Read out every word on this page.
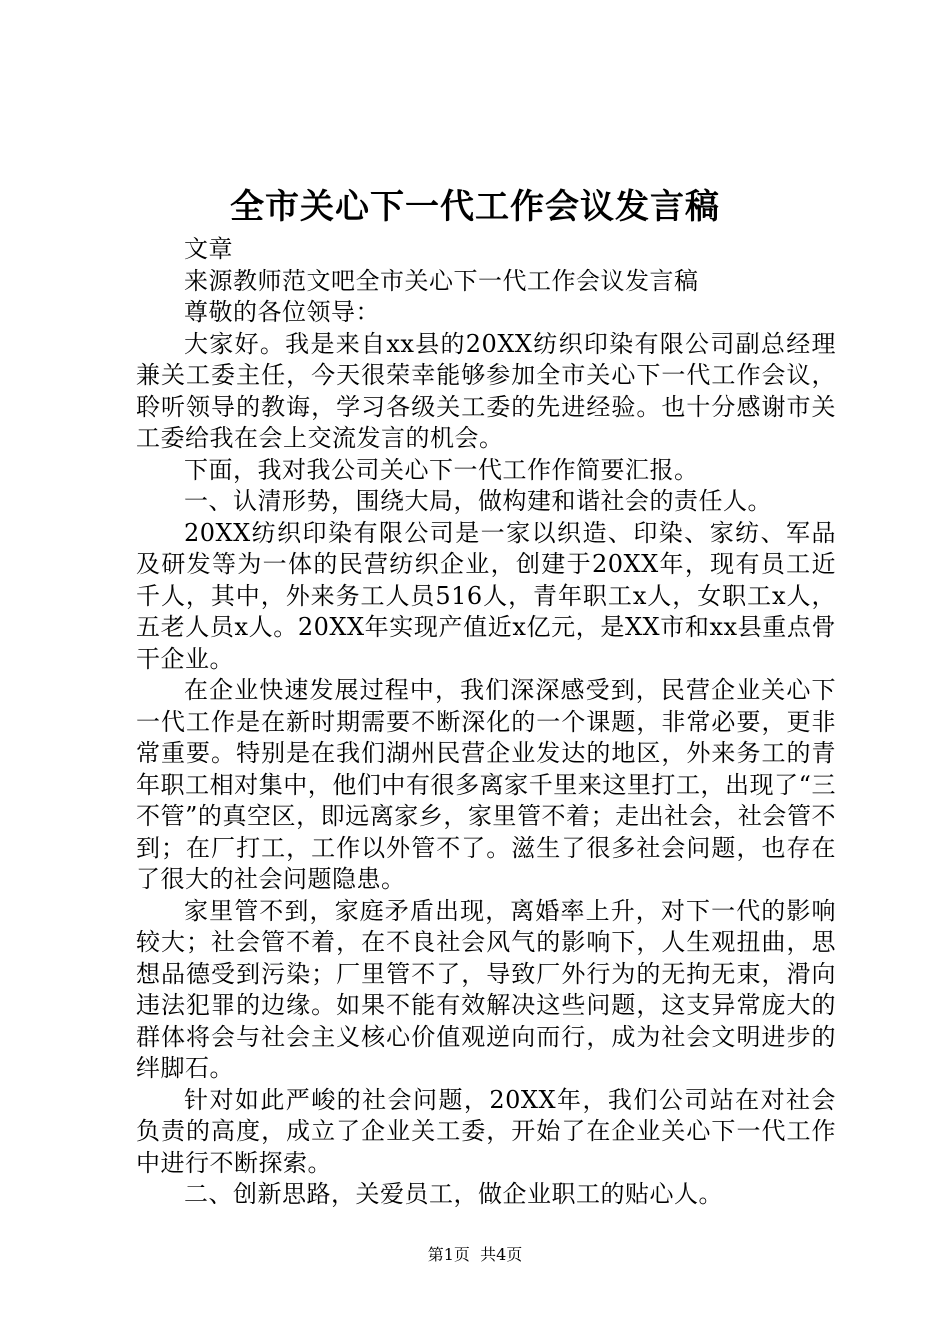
全市关心下一代工作会议发言稿

文章

来源教师范文吧全市关心下一代工作会议发言稿

尊敬的各位领导：

大家好。我是来自xx县的20XX纺织印染有限公司副总经理兼关工委主任，今天很荣幸能够参加全市关心下一代工作会议，聆听领导的教诲，学习各级关工委的先进经验。也十分感谢市关工委给我在会上交流发言的机会。

下面，我对我公司关心下一代工作作简要汇报。

一、认清形势，围绕大局，做构建和谐社会的责任人。

20XX纺织印染有限公司是一家以织造、印染、家纺、军品及研发等为一体的民营纺织企业，创建于20XX年，现有员工近千人，其中，外来务工人员516人，青年职工x人，女职工x人，五老人员x人。20XX年实现产值近x亿元，是XX市和xx县重点骨干企业。

在企业快速发展过程中，我们深深感受到，民营企业关心下一代工作是在新时期需要不断深化的一个课题，非常必要，更非常重要。特别是在我们湖州民营企业发达的地区，外来务工的青年职工相对集中，他们中有很多离家千里来这里打工，出现了“三不管”的真空区，即远离家乡，家里管不着；走出社会，社会管不到；在厂打工，工作以外管不了。滋生了很多社会问题，也存在了很大的社会问题隐患。

家里管不到，家庭矛盾出现，离婚率上升，对下一代的影响较大；社会管不着，在不良社会风气的影响下，人生观扭曲，思想品德受到污染；厂里管不了，导致厂外行为的无拘无束，滑向违法犯罪的边缘。如果不能有效解决这些问题，这支异常庞大的群体将会与社会主义核心价值观逆向而行，成为社会文明进步的绊脚石。

针对如此严峻的社会问题，20XX年，我们公司站在对社会负责的高度，成立了企业关工委，开始了在企业关心下一代工作中进行不断探索。

二、创新思路，关爱员工，做企业职工的贴心人。

第1页  共4页
